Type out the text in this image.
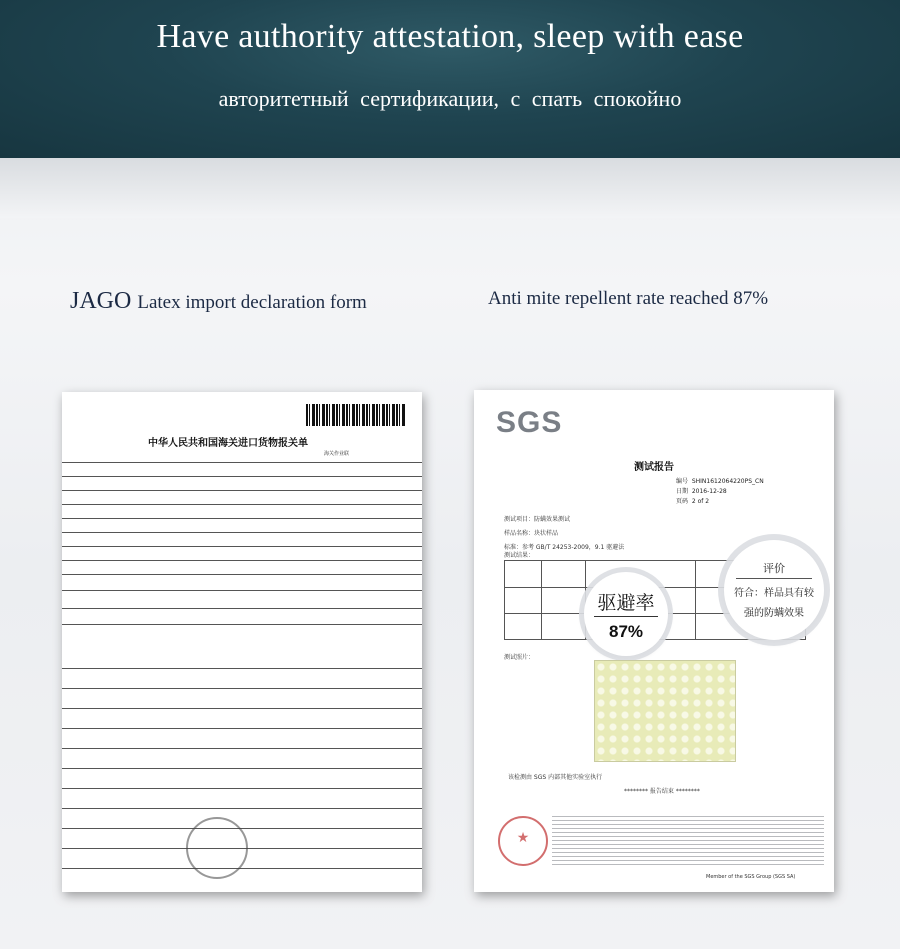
Have authority attestation, sleep with ease
авторитетный сертификации, с спать спокойно
JAGO Latex import declaration form	Anti mite repellent rate reached 87%
中华人民共和国海关进口货物报关单
海关作业联
SGS
测试报告
编号 SHIN1612064220PS_CN
日期 2016-12-28
页码 2 of 2
测试项目：防螨效果测试
样品名称：块状样品
标准：参考 GB/T 24253-2009，9.1 驱避法
测试结果：
测试照片：
评价
符合：样品具有较强的防螨效果
驱避率
87%
该检测由 SGS 内部其他实验室执行
******** 报告结束 ********
★
Member of the SGS Group (SGS SA)
